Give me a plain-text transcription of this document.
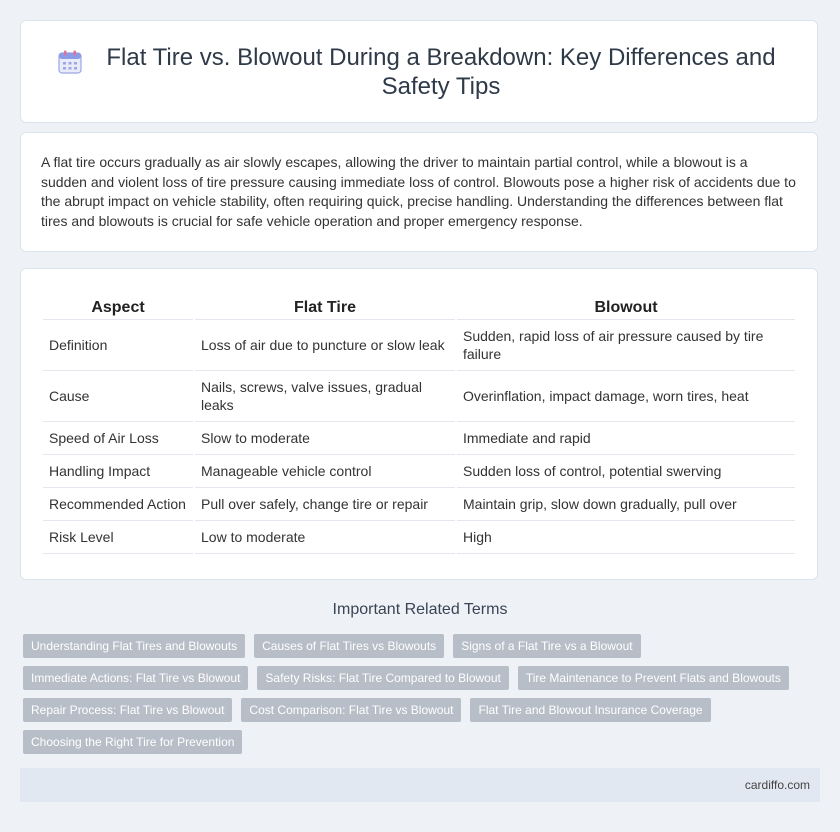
Flat Tire vs. Blowout During a Breakdown: Key Differences and Safety Tips

A flat tire occurs gradually as air slowly escapes, allowing the driver to maintain partial control, while a blowout is a sudden and violent loss of tire pressure causing immediate loss of control. Blowouts pose a higher risk of accidents due to the abrupt impact on vehicle stability, often requiring quick, precise handling. Understanding the differences between flat tires and blowouts is crucial for safe vehicle operation and proper emergency response.

Aspect	Flat Tire	Blowout
Definition	Loss of air due to puncture or slow leak	Sudden, rapid loss of air pressure caused by tire failure
Cause	Nails, screws, valve issues, gradual leaks	Overinflation, impact damage, worn tires, heat
Speed of Air Loss	Slow to moderate	Immediate and rapid
Handling Impact	Manageable vehicle control	Sudden loss of control, potential swerving
Recommended Action	Pull over safely, change tire or repair	Maintain grip, slow down gradually, pull over
Risk Level	Low to moderate	High
Important Related Terms
Understanding Flat Tires and Blowouts	Causes of Flat Tires vs Blowouts	Signs of a Flat Tire vs a Blowout
Immediate Actions: Flat Tire vs Blowout	Safety Risks: Flat Tire Compared to Blowout	Tire Maintenance to Prevent Flats and Blowouts
Repair Process: Flat Tire vs Blowout	Cost Comparison: Flat Tire vs Blowout	Flat Tire and Blowout Insurance Coverage
Choosing the Right Tire for Prevention
cardiffo.com
